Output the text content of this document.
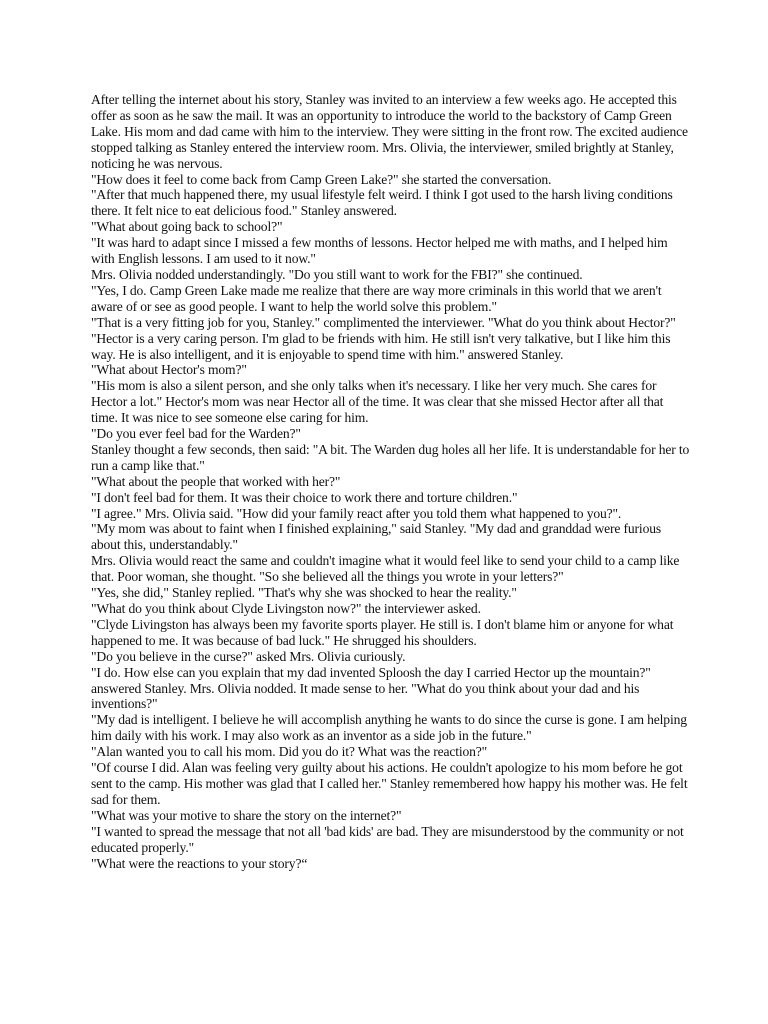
After telling the internet about his story, Stanley was invited to an interview a few weeks ago. He accepted this offer as soon as he saw the mail. It was an opportunity to introduce the world to the backstory of Camp Green Lake. His mom and dad came with him to the interview. They were sitting in the front row. The excited audience stopped talking as Stanley entered the interview room. Mrs. Olivia, the interviewer, smiled brightly at Stanley, noticing he was nervous.

"How does it feel to come back from Camp Green Lake?" she started the conversation.

"After that much happened there, my usual lifestyle felt weird. I think I got used to the harsh living conditions there. It felt nice to eat delicious food." Stanley answered.

"What about going back to school?"

"It was hard to adapt since I missed a few months of lessons. Hector helped me with maths, and I helped him with English lessons. I am used to it now."

Mrs. Olivia nodded understandingly. "Do you still want to work for the FBI?" she continued.

"Yes, I do. Camp Green Lake made me realize that there are way more criminals in this world that we aren't aware of or see as good people. I want to help the world solve this problem."

"That is a very fitting job for you, Stanley." complimented the interviewer. "What do you think about Hector?"

"Hector is a very caring person. I'm glad to be friends with him. He still isn't very talkative, but I like him this way. He is also intelligent, and it is enjoyable to spend time with him." answered Stanley.

"What about Hector's mom?"

"His mom is also a silent person, and she only talks when it's necessary. I like her very much. She cares for Hector a lot." Hector's mom was near Hector all of the time. It was clear that she missed Hector after all that time. It was nice to see someone else caring for him.

"Do you ever feel bad for the Warden?"

Stanley thought a few seconds, then said: "A bit. The Warden dug holes all her life. It is understandable for her to run a camp like that."

"What about the people that worked with her?"

"I don't feel bad for them. It was their choice to work there and torture children."

"I agree." Mrs. Olivia said. "How did your family react after you told them what happened to you?".

"My mom was about to faint when I finished explaining," said Stanley. "My dad and granddad were furious about this, understandably."

Mrs. Olivia would react the same and couldn't imagine what it would feel like to send your child to a camp like that. Poor woman, she thought. "So she believed all the things you wrote in your letters?"

"Yes, she did," Stanley replied. "That's why she was shocked to hear the reality."

"What do you think about Clyde Livingston now?" the interviewer asked.

"Clyde Livingston has always been my favorite sports player. He still is. I don't blame him or anyone for what happened to me. It was because of bad luck." He shrugged his shoulders.

"Do you believe in the curse?" asked Mrs. Olivia curiously.

"I do. How else can you explain that my dad invented Sploosh the day I carried Hector up the mountain?" answered Stanley. Mrs. Olivia nodded. It made sense to her. "What do you think about your dad and his inventions?"

"My dad is intelligent. I believe he will accomplish anything he wants to do since the curse is gone. I am helping him daily with his work. I may also work as an inventor as a side job in the future."

"Alan wanted you to call his mom. Did you do it? What was the reaction?"

"Of course I did. Alan was feeling very guilty about his actions. He couldn't apologize to his mom before he got sent to the camp. His mother was glad that I called her." Stanley remembered how happy his mother was. He felt sad for them.

"What was your motive to share the story on the internet?"

"I wanted to spread the message that not all 'bad kids' are bad. They are misunderstood by the community or not educated properly."

"What were the reactions to your story?“
